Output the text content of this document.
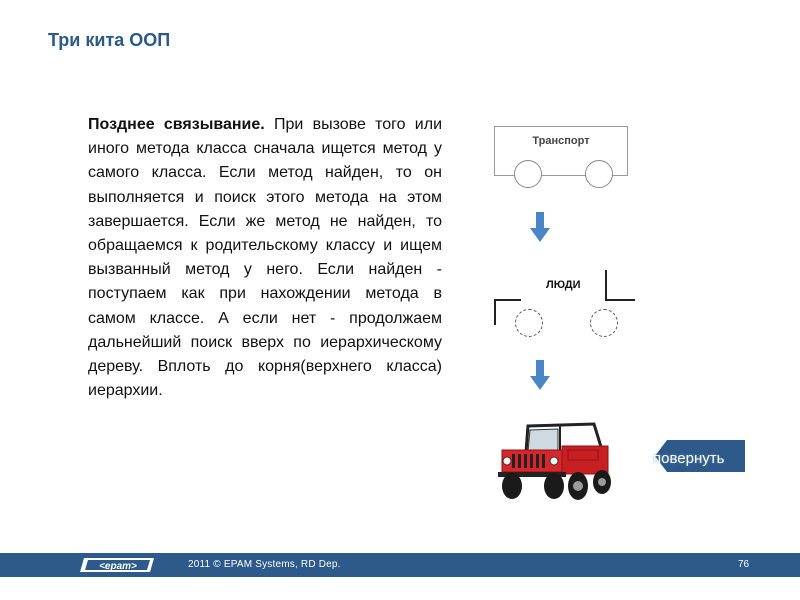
Три кита ООП
Позднее связывание. При вызове того или иного метода класса сначала ищется метод у самого класса. Если метод найден, то он выполняется и поиск этого метода на этом завершается. Если же метод не найден, то обращаемся к родительскому классу и ищем вызванный метод у него. Если найден - поступаем как при нахождении метода в самом классе. А если нет - продолжаем дальнейший поиск вверх по иерархическому дереву. Вплоть до корня(верхнего класса) иерархии.
Транспорт
ЛЮДИ
повернуть
<epam>	2011 © EPAM Systems, RD Dep.	76
